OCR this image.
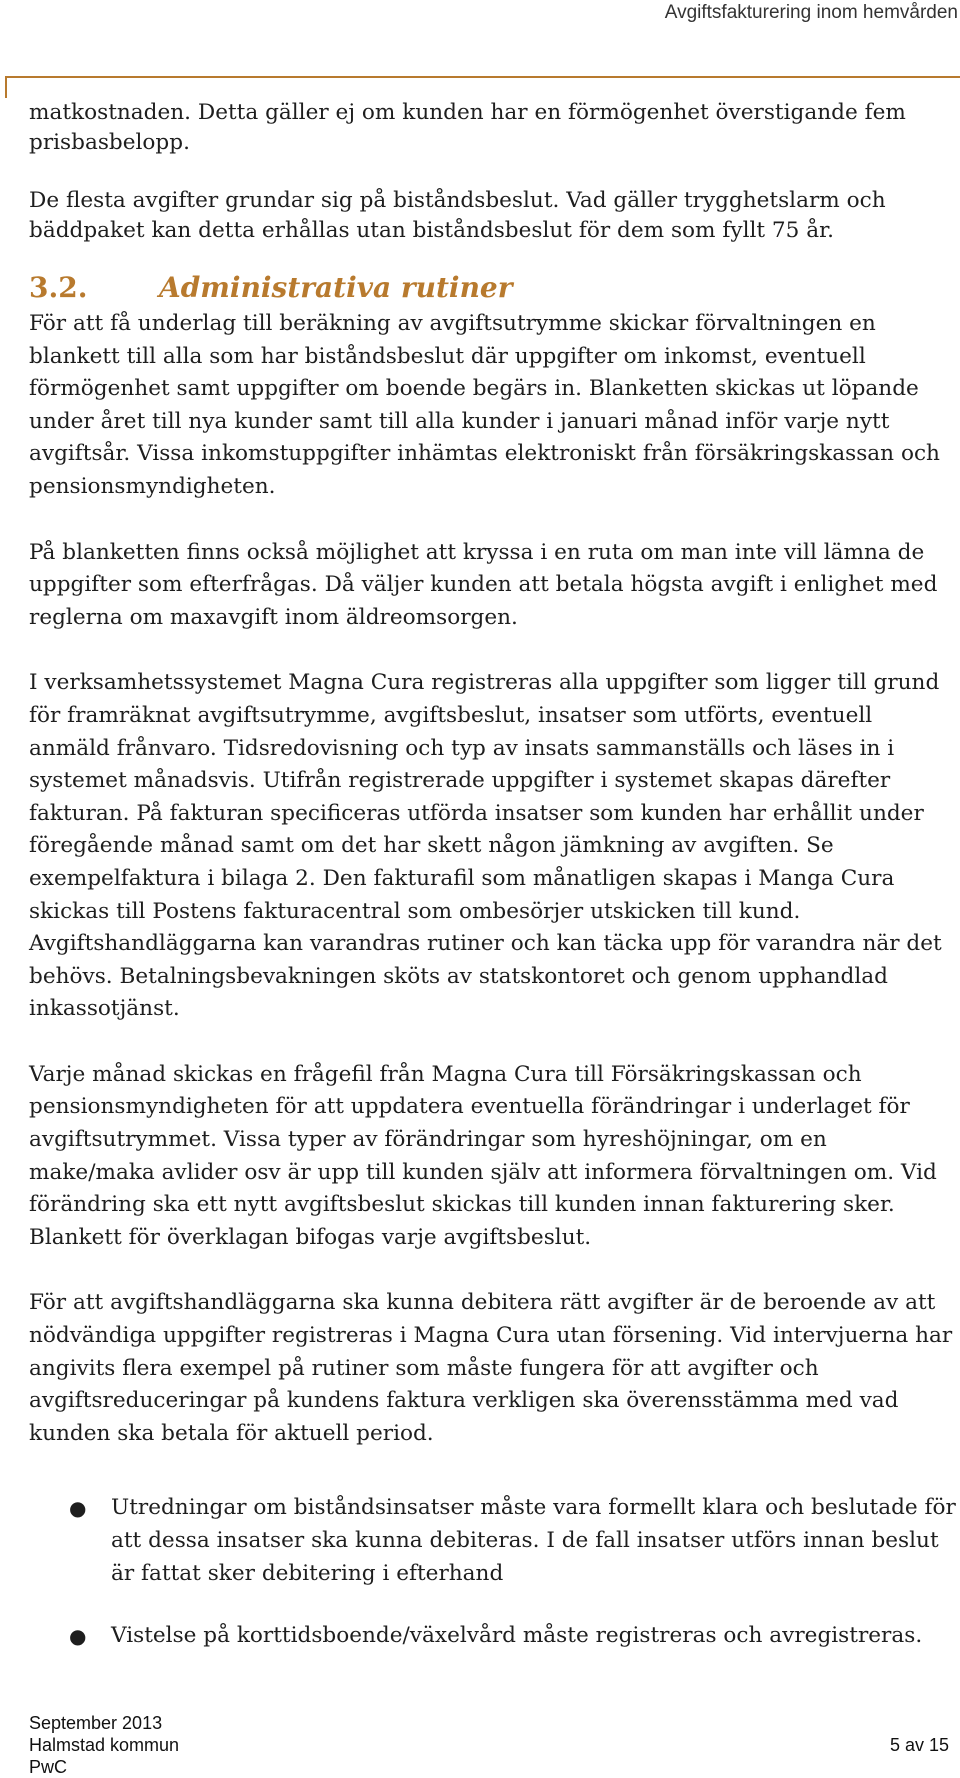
Avgiftsfakturering inom hemvården

matkostnaden. Detta gäller ej om kunden har en förmögenhet överstigande fem prisbasbelopp.

De flesta avgifter grundar sig på biståndsbeslut. Vad gäller trygghetslarm och bäddpaket kan detta erhållas utan biståndsbeslut för dem som fyllt 75 år.

3.2.	Administrativa rutiner

För att få underlag till beräkning av avgiftsutrymme skickar förvaltningen en blankett till alla som har biståndsbeslut där uppgifter om inkomst, eventuell förmögenhet samt uppgifter om boende begärs in. Blanketten skickas ut löpande under året till nya kunder samt till alla kunder i januari månad inför varje nytt avgiftsår. Vissa inkomstuppgifter inhämtas elektroniskt från försäkringskassan och pensionsmyndigheten.

På blanketten finns också möjlighet att kryssa i en ruta om man inte vill lämna de uppgifter som efterfrågas. Då väljer kunden att betala högsta avgift i enlighet med reglerna om maxavgift inom äldreomsorgen.

I verksamhetssystemet Magna Cura registreras alla uppgifter som ligger till grund för framräknat avgiftsutrymme, avgiftsbeslut, insatser som utförts, eventuell anmäld frånvaro. Tidsredovisning och typ av insats sammanställs och läses in i systemet månadsvis. Utifrån registrerade uppgifter i systemet skapas därefter fakturan. På fakturan specificeras utförda insatser som kunden har erhållit under föregående månad samt om det har skett någon jämkning av avgiften. Se exempelfaktura i bilaga 2. Den fakturafil som månatligen skapas i Manga Cura skickas till Postens fakturacentral som ombesörjer utskicken till kund. Avgiftshandläggarna kan varandras rutiner och kan täcka upp för varandra när det behövs. Betalningsbevakningen sköts av statskontoret och genom upphandlad inkassotjänst.

Varje månad skickas en frågefil från Magna Cura till Försäkringskassan och pensionsmyndigheten för att uppdatera eventuella förändringar i underlaget för avgiftsutrymmet. Vissa typer av förändringar som hyreshöjningar, om en make/maka avlider osv är upp till kunden själv att informera förvaltningen om. Vid förändring ska ett nytt avgiftsbeslut skickas till kunden innan fakturering sker. Blankett för överklagan bifogas varje avgiftsbeslut.

För att avgiftshandläggarna ska kunna debitera rätt avgifter är de beroende av att nödvändiga uppgifter registreras i Magna Cura utan försening. Vid intervjuerna har angivits flera exempel på rutiner som måste fungera för att avgifter och avgiftsreduceringar på kundens faktura verkligen ska överensstämma med vad kunden ska betala för aktuell period.

● Utredningar om biståndsinsatser måste vara formellt klara och beslutade för att dessa insatser ska kunna debiteras. I de fall insatser utförs innan beslut är fattat sker debitering i efterhand
● Vistelse på korttidsboende/växelvård måste registreras och avregistreras.
September 2013
Halmstad kommun	5 av 15
PwC
